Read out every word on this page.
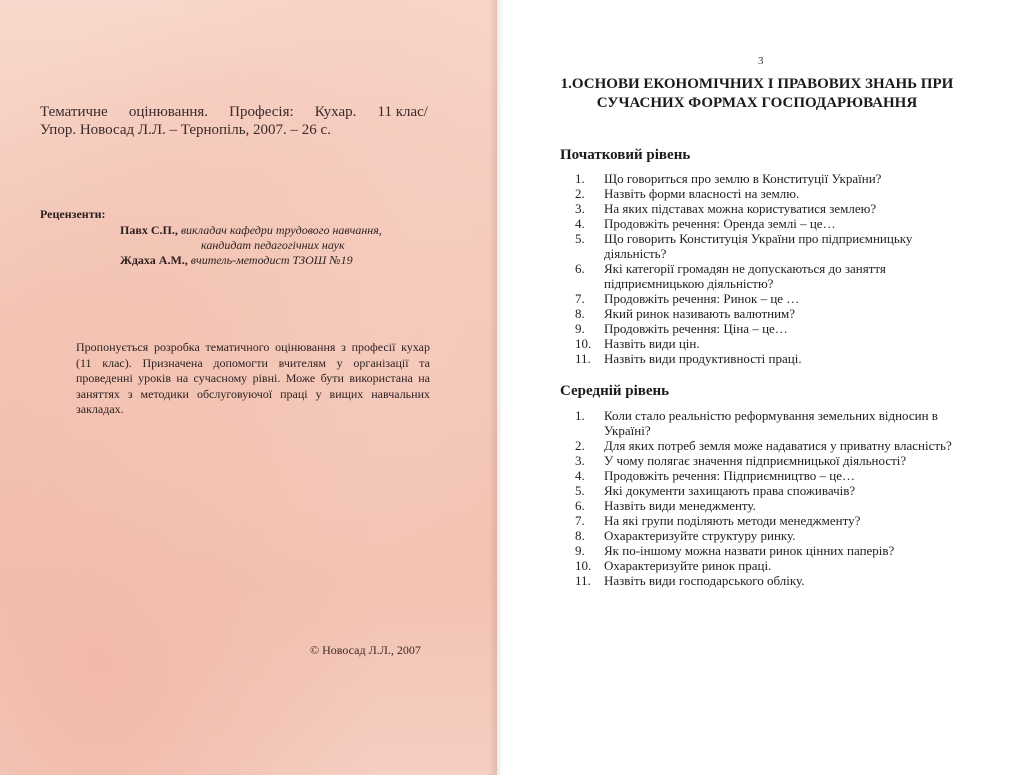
Тематичне оцінювання. Професія: Кухар. 11 клас/
Упор. Новосад Л.Л. – Тернопіль, 2007. – 26 с.
Рецензенти:
Павх С.П., викладач кафедри трудового навчання,
кандидат педагогічних наук
Ждаха А.М., вчитель-методист ТЗОШ №19
Пропонується розробка тематичного оцінювання з професії кухар (11 клас). Призначена допомогти вчителям у організації та проведенні уроків на сучасному рівні. Може бути використана на заняттях з методики обслуговуючої праці у вищих навчальних закладах.
© Новосад Л.Л., 2007
3
1.ОСНОВИ ЕКОНОМІЧНИХ І ПРАВОВИХ ЗНАНЬ ПРИ СУЧАСНИХ ФОРМАХ ГОСПОДАРЮВАННЯ
Початковий рівень
1.	Що говориться про землю в Конституції України?
2.	Назвіть форми власності на землю.
3.	На яких підставах можна користуватися землею?
4.	Продовжіть речення: Оренда землі – це…
5.	Що говорить Конституція України про підприємницьку діяльність?
6.	Які категорії громадян не допускаються до заняття підприємницькою діяльністю?
7.	Продовжіть речення: Ринок – це …
8.	Який ринок називають валютним?
9.	Продовжіть речення: Ціна – це…
10. Назвіть види цін.
11.	Назвіть види продуктивності праці.
Середній рівень
1.	Коли стало реальністю реформування земельних відносин в Україні?
2.	Для яких потреб земля може надаватися у приватну власність?
3.	У чому полягає значення підприємницької діяльності?
4.	Продовжіть речення: Підприємництво – це…
5.	Які документи захищають права споживачів?
6.	Назвіть види менеджменту.
7.	На які групи поділяють методи менеджменту?
8.	Охарактеризуйте структуру ринку.
9.	Як по-іншому можна назвати ринок цінних паперів?
10. Охарактеризуйте ринок праці.
11.	Назвіть види господарського обліку.
